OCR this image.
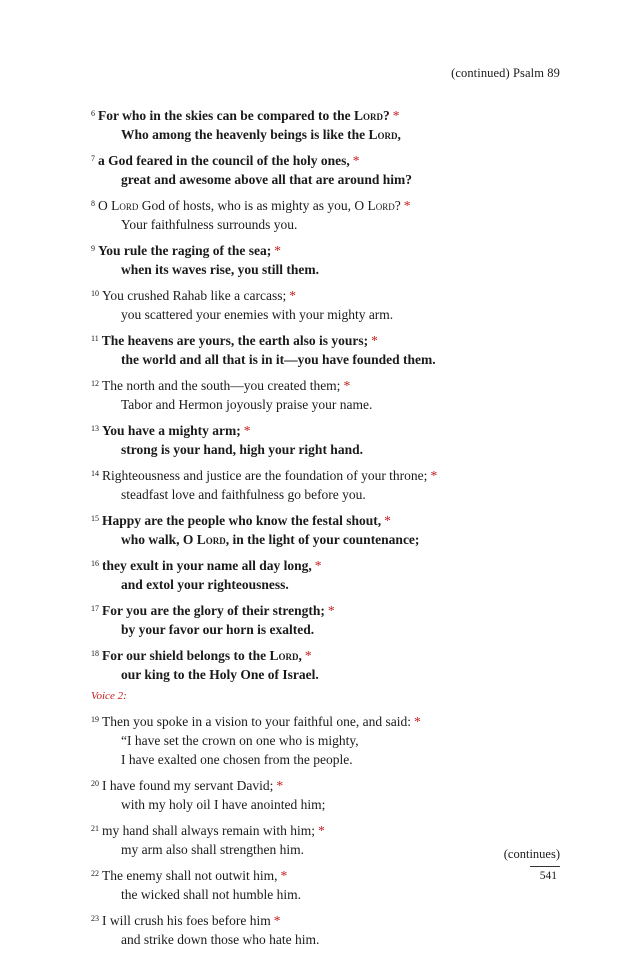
(continued) Psalm 89
$^6$ For who in the skies can be compared to the Lord? *
Who among the heavenly beings is like the Lord,
$^7$ a God feared in the council of the holy ones, *
great and awesome above all that are around him?
$^8$ O Lord God of hosts, who is as mighty as you, O Lord? *
Your faithfulness surrounds you.
$^9$ You rule the raging of the sea; *
when its waves rise, you still them.
$^{10}$ You crushed Rahab like a carcass; *
you scattered your enemies with your mighty arm.
$^{11}$ The heavens are yours, the earth also is yours; *
the world and all that is in it—you have founded them.
$^{12}$ The north and the south—you created them; *
Tabor and Hermon joyously praise your name.
$^{13}$ You have a mighty arm; *
strong is your hand, high your right hand.
$^{14}$ Righteousness and justice are the foundation of your throne; *
steadfast love and faithfulness go before you.
$^{15}$ Happy are the people who know the festal shout, *
who walk, O Lord, in the light of your countenance;
$^{16}$ they exult in your name all day long, *
and extol your righteousness.
$^{17}$ For you are the glory of their strength; *
by your favor our horn is exalted.
$^{18}$ For our shield belongs to the Lord, *
our king to the Holy One of Israel.
Voice 2:
$^{19}$ Then you spoke in a vision to your faithful one, and said: *
“I have set the crown on one who is mighty,
I have exalted one chosen from the people.
$^{20}$ I have found my servant David; *
with my holy oil I have anointed him;
$^{21}$ my hand shall always remain with him; *
my arm also shall strengthen him.
$^{22}$ The enemy shall not outwit him, *
the wicked shall not humble him.
$^{23}$ I will crush his foes before him *
and strike down those who hate him.
(continues)
541
